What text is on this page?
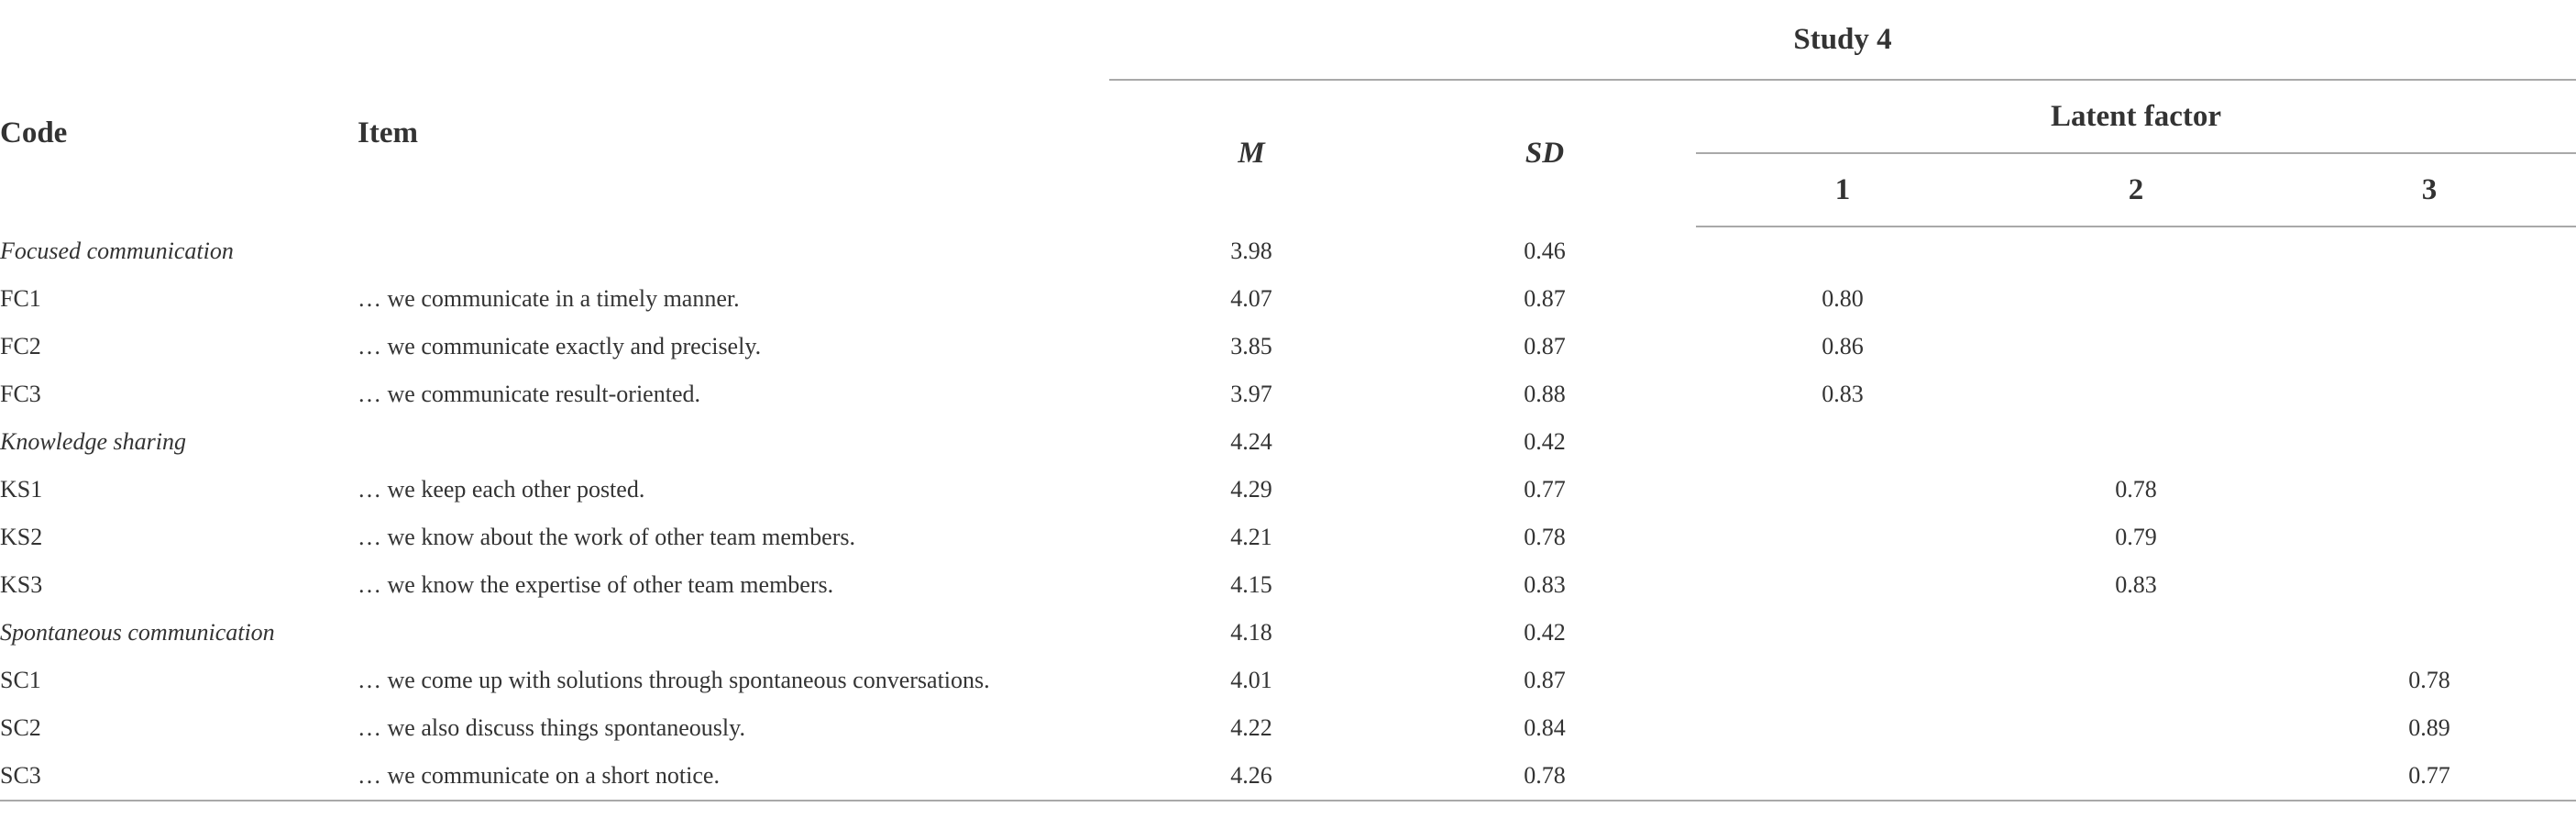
		Study 4				
Code	Item	M	SD	Latent factor		
				1	2	3
Focused communication		3.98	0.46			
FC1	… we communicate in a timely manner.	4.07	0.87	0.80		
FC2	… we communicate exactly and precisely.	3.85	0.87	0.86		
FC3	… we communicate result-oriented.	3.97	0.88	0.83		
Knowledge sharing		4.24	0.42			
KS1	… we keep each other posted.	4.29	0.77		0.78	
KS2	… we know about the work of other team members.	4.21	0.78		0.79	
KS3	… we know the expertise of other team members.	4.15	0.83		0.83	
Spontaneous communication		4.18	0.42			
SC1	… we come up with solutions through spontaneous conversations.	4.01	0.87			0.78
SC2	… we also discuss things spontaneously.	4.22	0.84			0.89
SC3	… we communicate on a short notice.	4.26	0.78			0.77
